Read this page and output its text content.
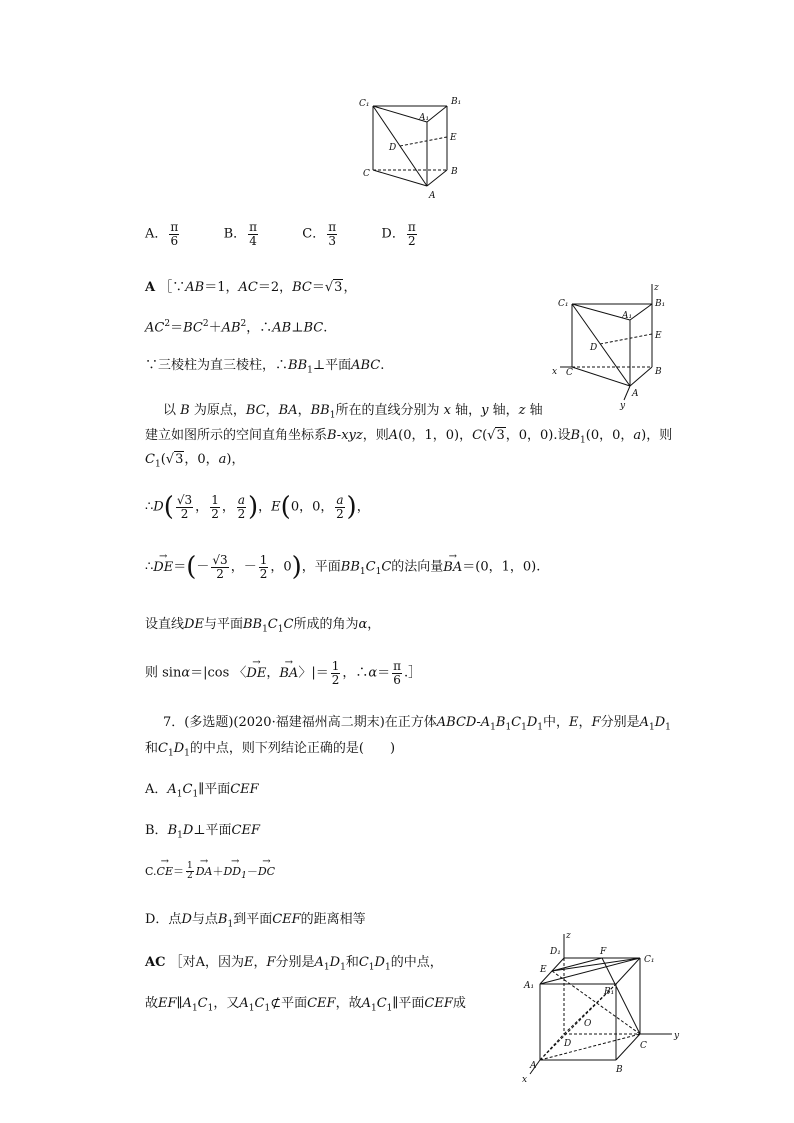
C₁	B₁
A₁
E
D
C	B
A
A． $\frac{\pi}{6}$	B． $\frac{\pi}{4}$	C． $\frac{\pi}{3}$	D． $\frac{\pi}{2}$
z
C₁	B₁
A₁
E
D
x C	B
A
y
A ［∵AB＝1，AC＝2，BC＝√3，
$AC^2=BC^2+AB^2$，∴AB⊥BC.
∵三棱柱为直三棱柱，$\therefore BB_1\perp$平面ABC.
以 B 为原点，BC，BA，$BB_1$所在的直线分别为 x 轴，y 轴，z 轴
建立如图所示的空间直角坐标系B-xyz，则A(0，1，0)，C(√3，0，0).设$B_1(0$，0，a)，则
$C_1(√3$，0，a)，
∴D( $\frac{√3}{2}$ ， $\frac{1}{2}$ ， $\frac{a}{2}$ )，E(0，0， $\frac{a}{2}$ )，
∴→ $DE=(- \frac{√3}{2}$ ，－ $\frac{1}{2}$ ，0)，平面$BB_1C_1C$的法向量→ BA＝(0，1，0).
设直线DE与平面$BB_1C_1C$所成的角为α，
则 sinα＝|cos 〈→ DE，→ BA〉|＝ $\frac{1}{2}$ ，∴α＝ $\frac{\pi}{6}$ .］
7．(多选题)(2020·福建福州高二期末)在正方体ABCD-$A_1B_1C_1D_1$中，E，F分别是$A_1D_1$
和$C_1D_1$的中点，则下列结论正确的是(　　)
A．$A_1C_1\parallel$平面CEF
B．$B_1D\perp$平面CEF
$C.\to CE= \frac{1}{2}$
→ $DA+\to DD_1-\to$ DC
D．点D与点$B_1$到平面CEF的距离相等
AC ［对A，因为E，F分别是$A_1D_1$和$C_1D_1$的中点，
故$EF\parallel A_1C_1$，又$A_1C_1⊄$平面CEF，故$A_1C_1\parallel$平面CEF成
z
D₁	F
C₁
E
A₁
B₁
O
D	C
y
A	B
x
